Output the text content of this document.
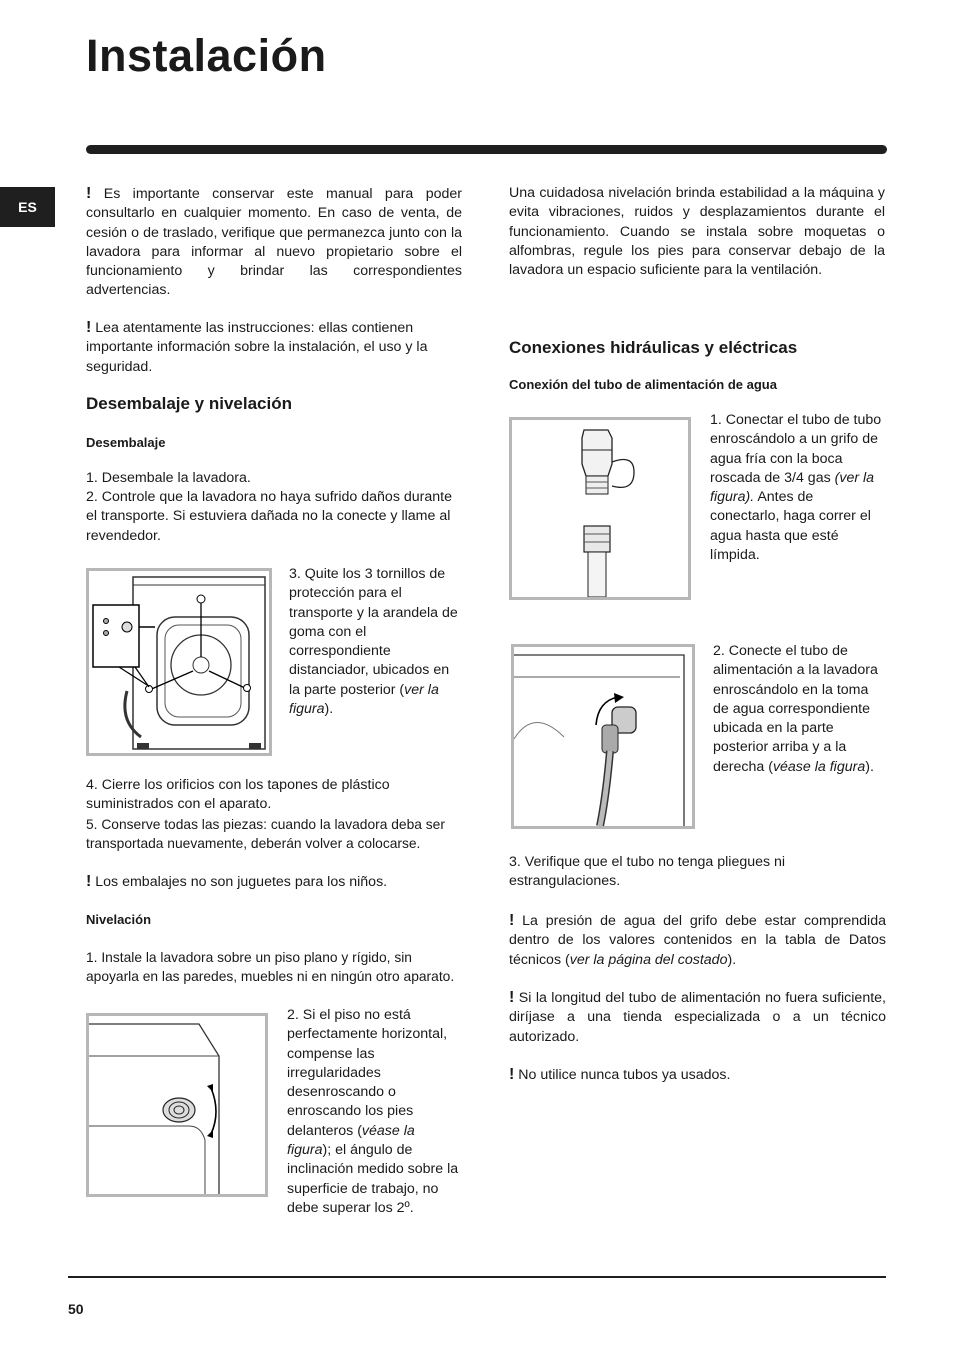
Instalación
ES

! Es importante conservar este manual para poder consultarlo en cualquier momento. En caso de venta, de cesión o de traslado, verifique que permanezca junto con la lavadora para informar al nuevo propietario sobre el funcionamiento y brindar las correspondientes advertencias.

! Lea atentamente las instrucciones: ellas contienen importante información sobre la instalación, el uso y la seguridad.

Desembalaje y nivelación
Desembalaje

1. Desembale la lavadora.

2. Controle que la lavadora no haya sufrido daños durante el transporte. Si estuviera dañada no la conecte y llame al revendedor.

3. Quite los 3 tornillos de protección para el transporte y la arandela de goma con el correspondiente distanciador, ubicados en la parte posterior (ver la figura).

4. Cierre los orificios con los tapones de plástico suministrados con el aparato.

5. Conserve todas las piezas: cuando la lavadora deba ser transportada nuevamente, deberán volver a colocarse.

! Los embalajes no son juguetes para los niños.

Nivelación

1. Instale la lavadora sobre un piso plano y rígido, sin apoyarla en las paredes, muebles ni en ningún otro aparato.

2. Si el piso no está perfectamente horizontal, compense las irregularidades desenroscando o enroscando los pies delanteros (véase la figura); el ángulo de inclinación medido sobre la superficie de trabajo, no debe superar los 2º.

Una cuidadosa nivelación brinda estabilidad a la máquina y evita vibraciones, ruidos y desplazamientos durante el funcionamiento. Cuando se instala sobre moquetas o alfombras, regule los pies para conservar debajo de la lavadora un espacio suficiente para la ventilación.

Conexiones hidráulicas y eléctricas
Conexión del tubo de alimentación de agua

1. Conectar el tubo de tubo enroscándolo a un grifo de agua fría con la boca roscada de 3/4 gas (ver la figura). Antes de conectarlo, haga correr el agua hasta que esté límpida.

2. Conecte el tubo de alimentación a la lavadora enroscándolo en la toma de agua correspondiente ubicada en la parte posterior arriba y a la derecha (véase la figura).

3. Verifique que el tubo no tenga pliegues ni estrangulaciones.

! La presión de agua del grifo debe estar comprendida dentro de los valores contenidos en la tabla de Datos técnicos (ver la página del costado).

! Si la longitud del tubo de alimentación no fuera suficiente, diríjase a una tienda especializada o a un técnico autorizado.

! No utilice nunca tubos ya usados.

50
